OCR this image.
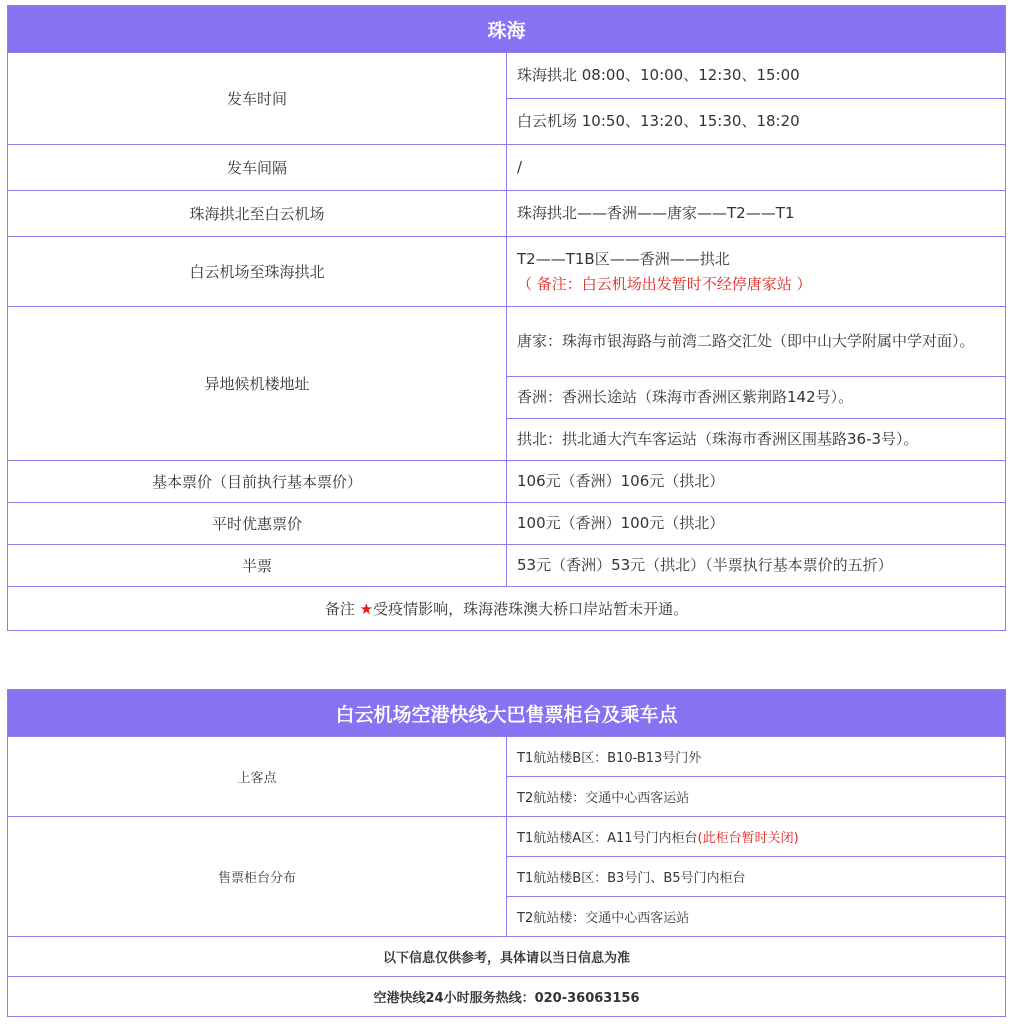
珠海	
发车时间	珠海拱北 08:00、10:00、12:30、15:00
	白云机场 10:50、13:20、15:30、18:20
发车间隔	/
珠海拱北至白云机场	珠海拱北——香洲——唐家——T2——T1
白云机场至珠海拱北	T2——T1B区——香洲——拱北
（ 备注：白云机场出发暂时不经停唐家站 ）

异地候机楼地址	唐家：珠海市银海路与前湾二路交汇处（即中山大学附属中学对面）。
	香洲：香洲长途站（珠海市香洲区紫荆路142号）。
	拱北：拱北通大汽车客运站（珠海市香洲区围基路36-3号）。
基本票价（目前执行基本票价）	106元（香洲）106元（拱北）
平时优惠票价	100元（香洲）100元（拱北）
半票	53元（香洲）53元（拱北）（半票执行基本票价的五折）
备注 ★受疫情影响，珠海港珠澳大桥口岸站暂未开通。	
白云机场空港快线大巴售票柜台及乘车点	
上客点	T1航站楼B区：B10-B13号门外
	T2航站楼：交通中心西客运站
售票柜台分布	T1航站楼A区：A11号门内柜台(此柜台暂时关闭)
	T1航站楼B区：B3号门、B5号门内柜台
	T2航站楼：交通中心西客运站
以下信息仅供参考，具体请以当日信息为准	
空港快线24小时服务热线：020-36063156	
